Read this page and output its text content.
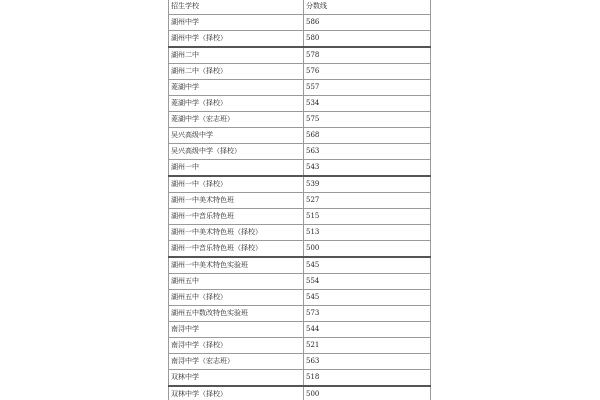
招生学校	分数线
湖州中学	586
湖州中学（择校）	580
湖州二中	578
湖州二中（择校）	576
菱湖中学	557
菱湖中学（择校）	534
菱湖中学（宏志班）	575
吴兴高级中学	568
吴兴高级中学（择校）	563
湖州一中	543
湖州一中（择校）	539
湖州一中美术特色班	527
湖州一中音乐特色班	515
湖州一中美术特色班（择校）	513
湖州一中音乐特色班（择校）	500
湖州一中美术特色实验班	545
湖州五中	554
湖州五中（择校）	545
湖州五中数改特色实验班	573
南浔中学	544
南浔中学（择校）	521
南浔中学（宏志班）	563
双林中学	518
双林中学（择校）	500
